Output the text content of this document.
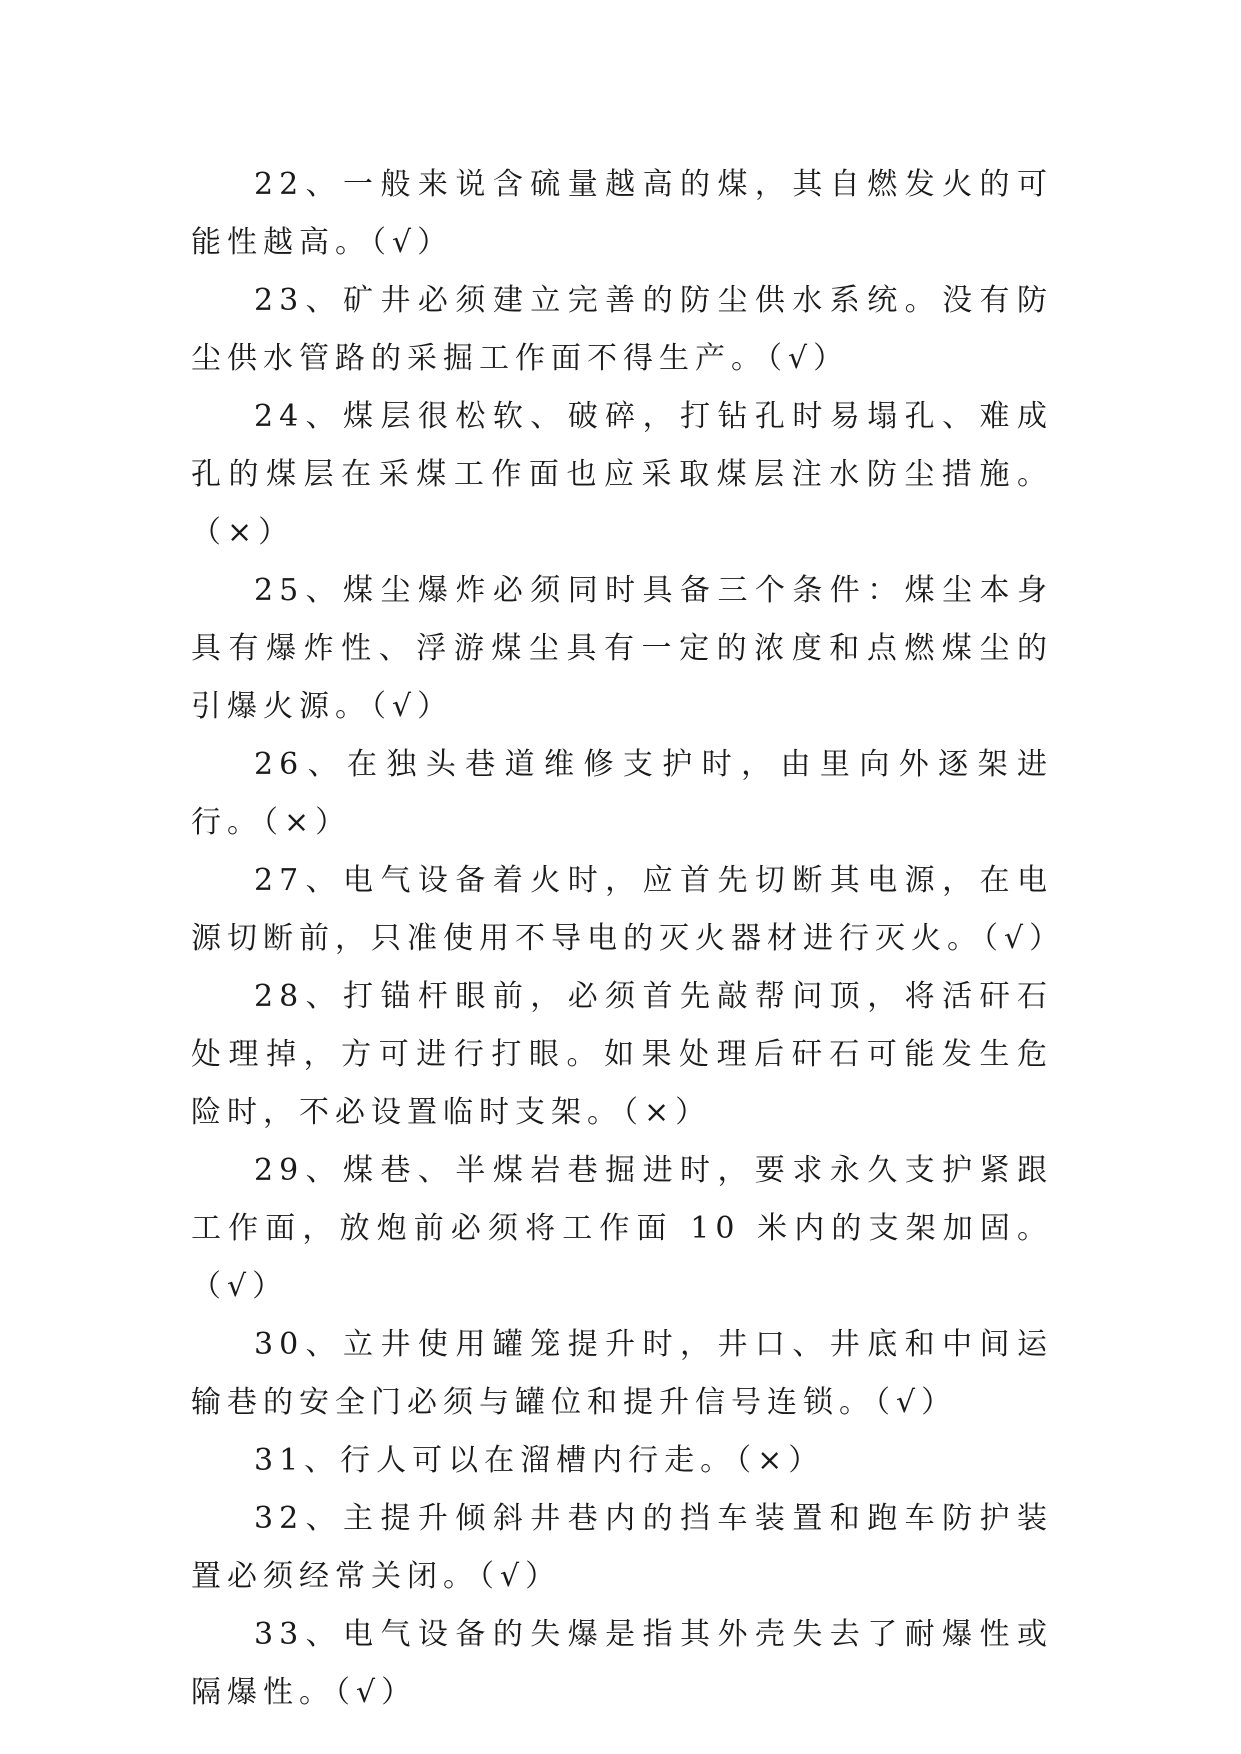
22、一般来说含硫量越高的煤，其自燃发火的可能性越高。（√）

23、矿井必须建立完善的防尘供水系统。没有防尘供水管路的采掘工作面不得生产。（√）

24、煤层很松软、破碎，打钻孔时易塌孔、难成孔的煤层在采煤工作面也应采取煤层注水防尘措施。（×）

25、煤尘爆炸必须同时具备三个条件：煤尘本身具有爆炸性、浮游煤尘具有一定的浓度和点燃煤尘的引爆火源。（√）

26、在独头巷道维修支护时，由里向外逐架进行。（×）

27、电气设备着火时，应首先切断其电源，在电源切断前，只准使用不导电的灭火器材进行灭火。（√）

28、打锚杆眼前，必须首先敲帮问顶，将活矸石处理掉，方可进行打眼。如果处理后矸石可能发生危险时，不必设置临时支架。（×）

29、煤巷、半煤岩巷掘进时，要求永久支护紧跟工作面，放炮前必须将工作面 10 米内的支架加固。（√）

30、立井使用罐笼提升时，井口、井底和中间运输巷的安全门必须与罐位和提升信号连锁。（√）

31、行人可以在溜槽内行走。（×）

32、主提升倾斜井巷内的挡车装置和跑车防护装置必须经常关闭。（√）

33、电气设备的失爆是指其外壳失去了耐爆性或隔爆性。（√）
